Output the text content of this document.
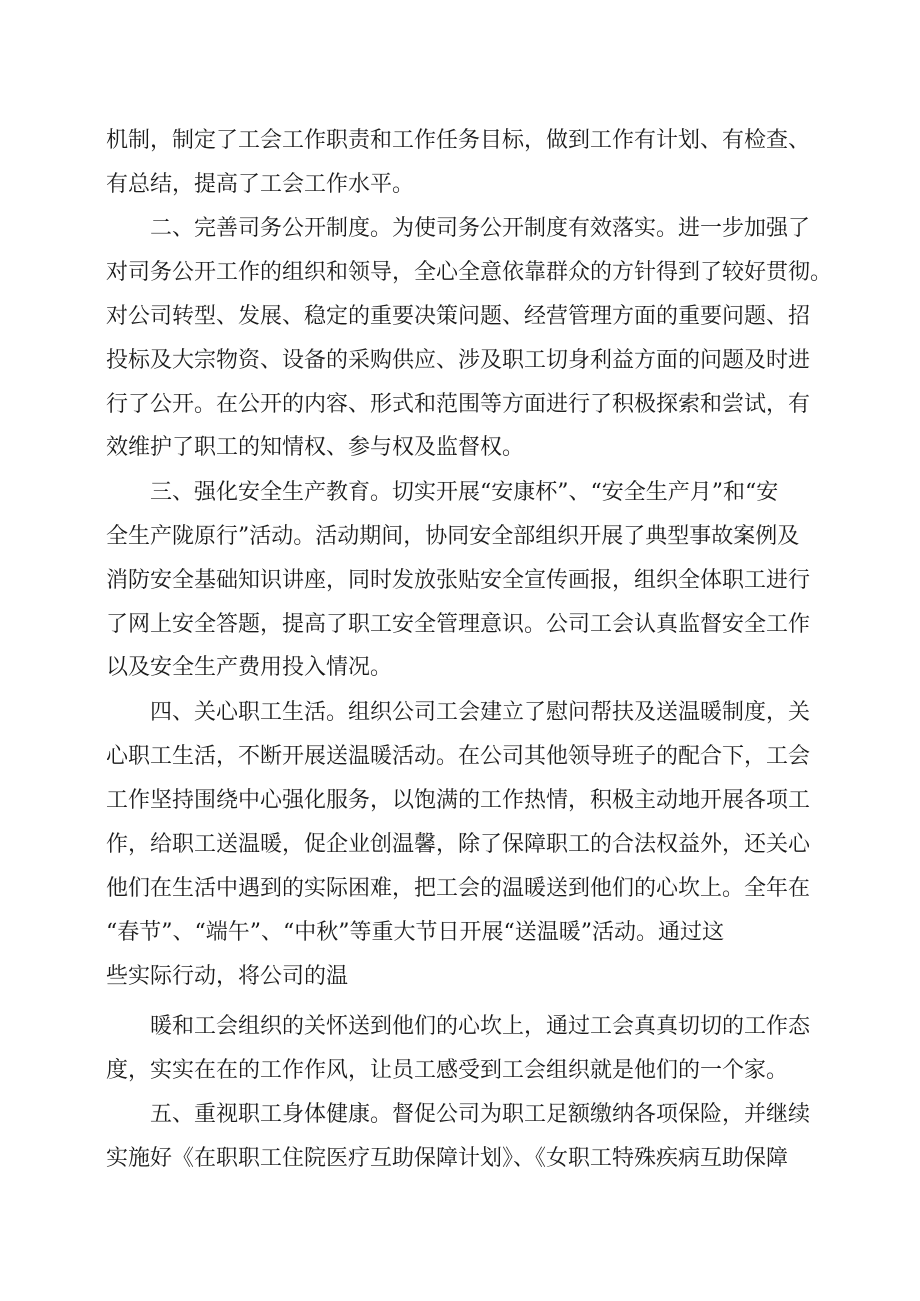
机制，制定了工会工作职责和工作任务目标，做到工作有计划、有检查、

有总结，提高了工会工作水平。

二、完善司务公开制度。为使司务公开制度有效落实。进一步加强了

对司务公开工作的组织和领导，全心全意依靠群众的方针得到了较好贯彻。

对公司转型、发展、稳定的重要决策问题、经营管理方面的重要问题、招

投标及大宗物资、设备的采购供应、涉及职工切身利益方面的问题及时进

行了公开。在公开的内容、形式和范围等方面进行了积极探索和尝试，有

效维护了职工的知情权、参与权及监督权。

三、强化安全生产教育。切实开展“安康杯”、“安全生产月”和“安

全生产陇原行”活动。活动期间，协同安全部组织开展了典型事故案例及

消防安全基础知识讲座，同时发放张贴安全宣传画报，组织全体职工进行

了网上安全答题，提高了职工安全管理意识。公司工会认真监督安全工作

以及安全生产费用投入情况。

四、关心职工生活。组织公司工会建立了慰问帮扶及送温暖制度，关

心职工生活，不断开展送温暖活动。在公司其他领导班子的配合下，工会

工作坚持围绕中心强化服务，以饱满的工作热情，积极主动地开展各项工

作，给职工送温暖，促企业创温馨，除了保障职工的合法权益外，还关心

他们在生活中遇到的实际困难，把工会的温暖送到他们的心坎上。全年在

“春节”、“端午”、“中秋”等重大节日开展“送温暖”活动。通过这

些实际行动，将公司的温

暖和工会组织的关怀送到他们的心坎上，通过工会真真切切的工作态

度，实实在在的工作作风，让员工感受到工会组织就是他们的一个家。

五、重视职工身体健康。督促公司为职工足额缴纳各项保险，并继续

实施好《在职职工住院医疗互助保障计划》、《女职工特殊疾病互助保障
